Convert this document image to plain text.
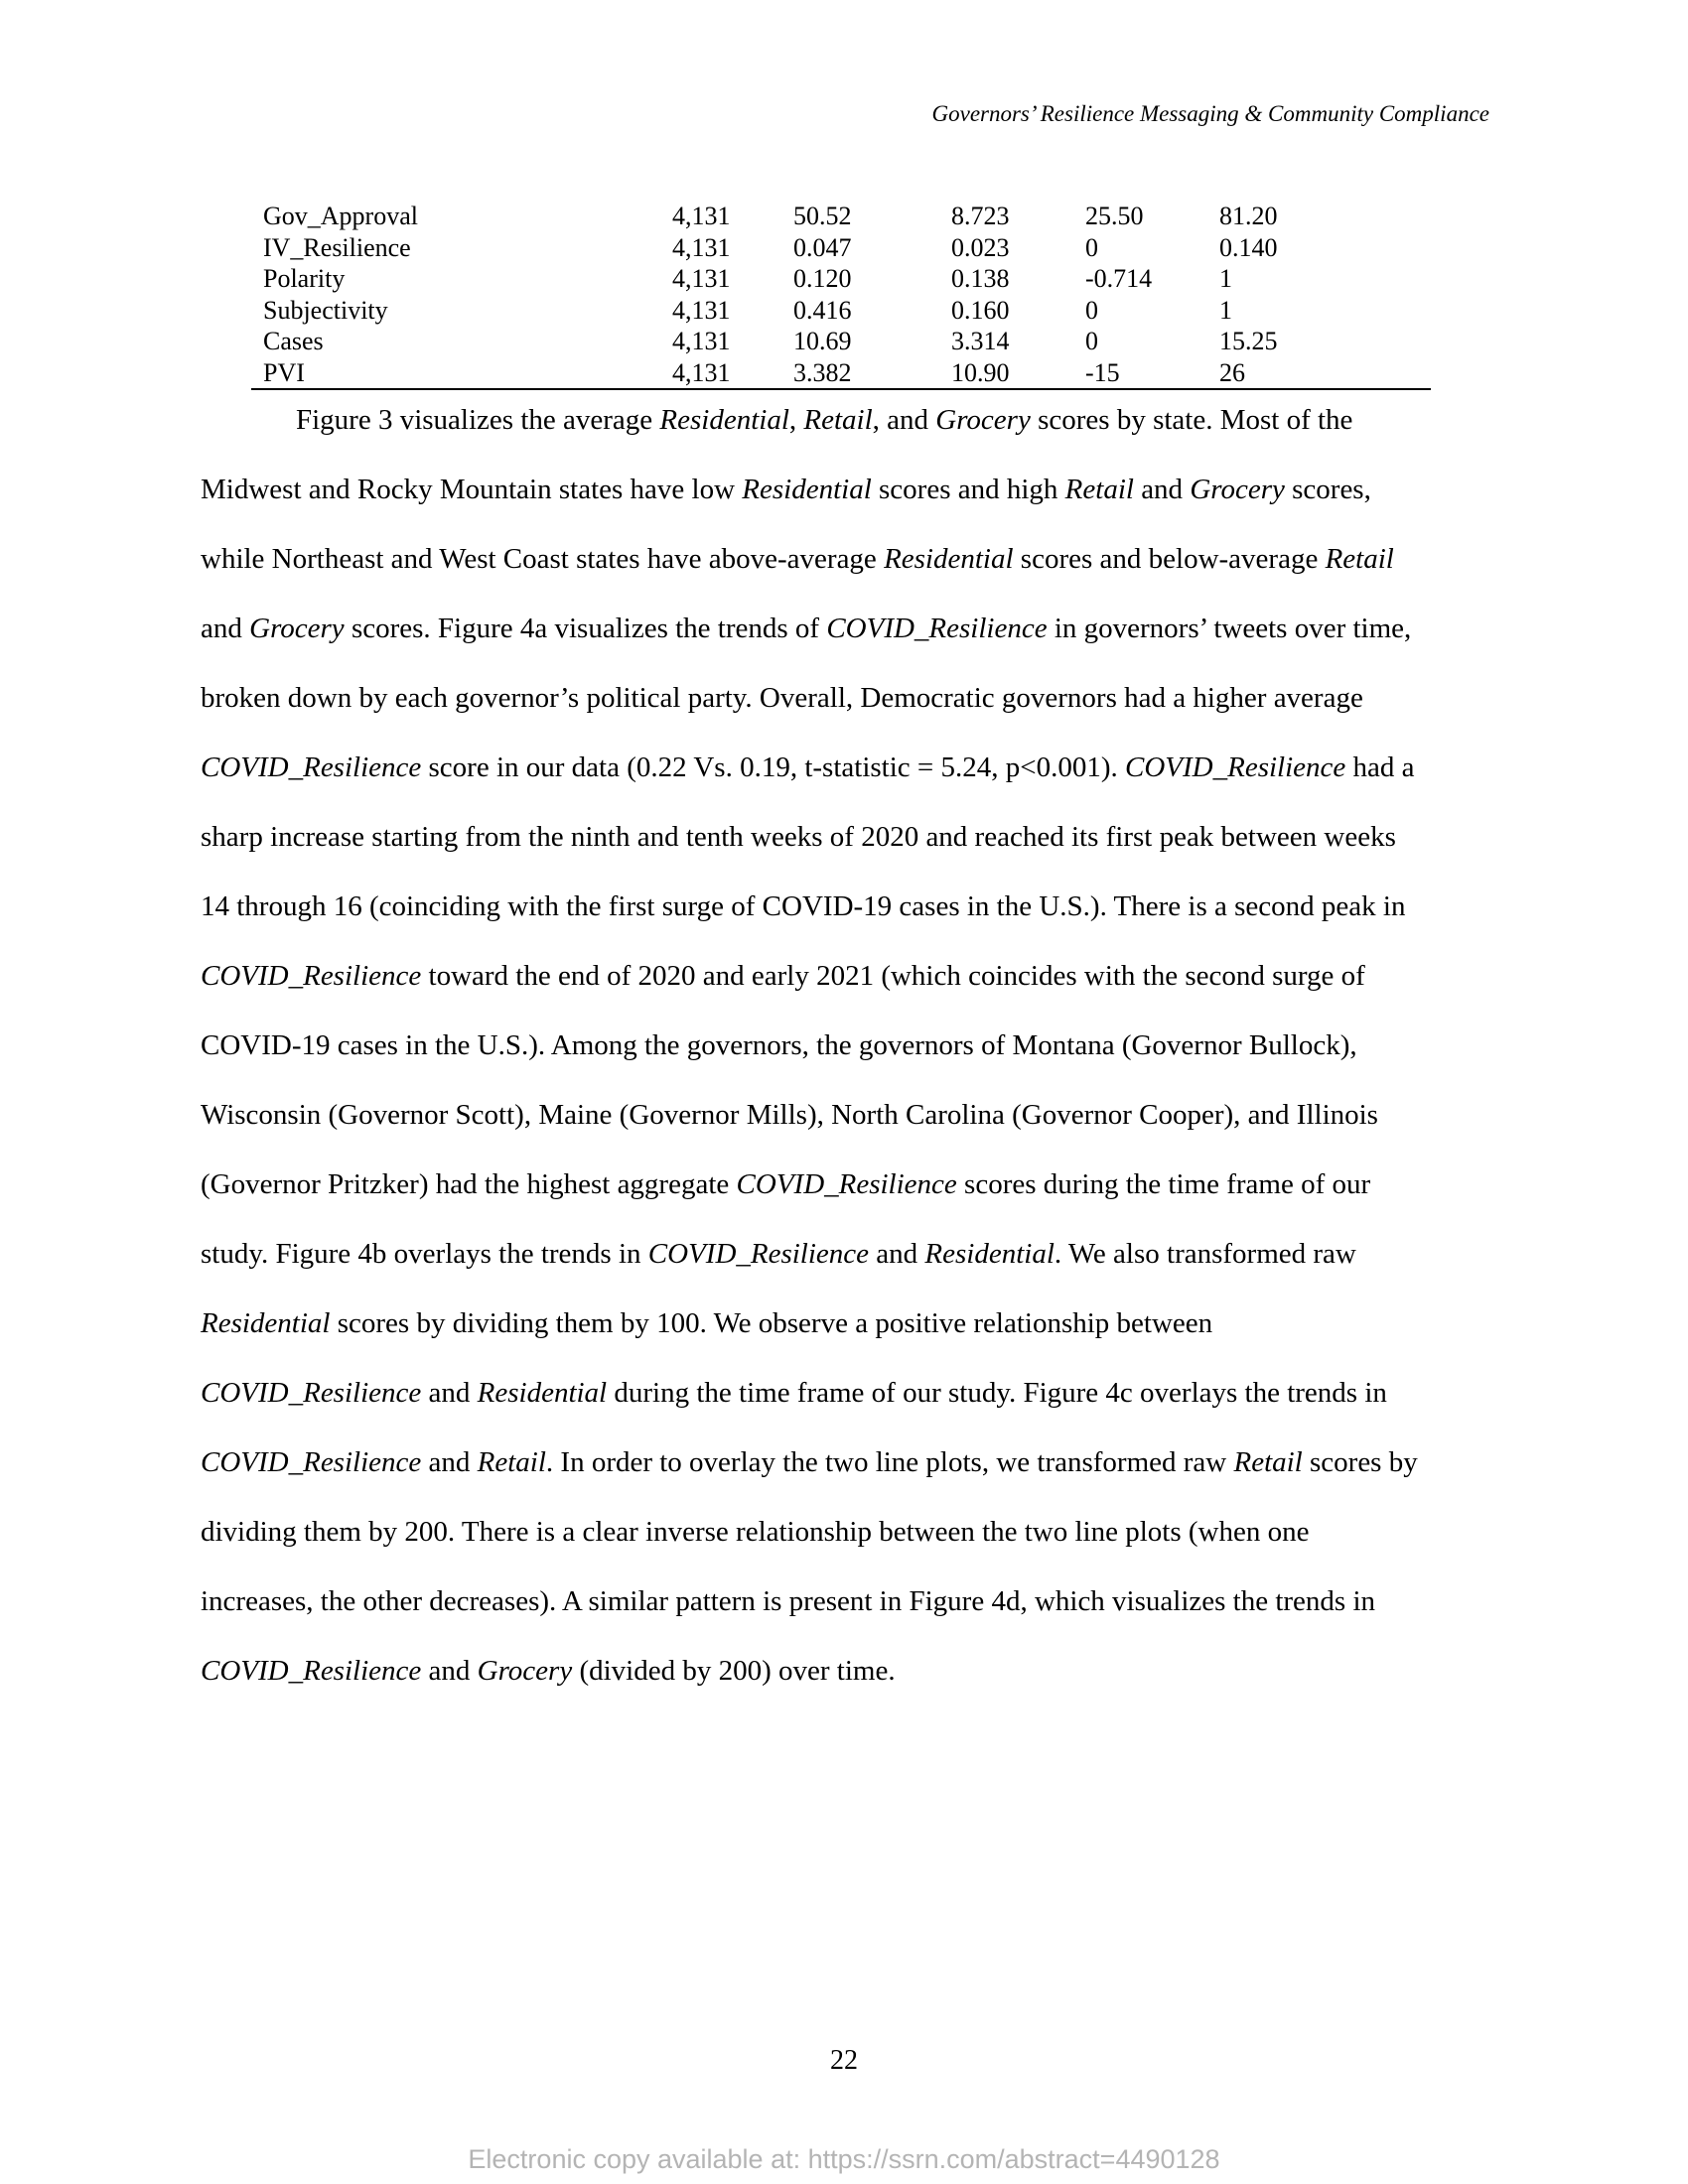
Governors’ Resilience Messaging & Community Compliance
Gov_Approval	4,131	50.52	8.723	25.50	81.20
IV_Resilience	4,131	0.047	0.023	0	0.140
Polarity	4,131	0.120	0.138	-0.714	1
Subjectivity	4,131	0.416	0.160	0	1
Cases	4,131	10.69	3.314	0	15.25
PVI	4,131	3.382	10.90	-15	26
Figure 3 visualizes the average Residential, Retail, and Grocery scores by state. Most of the
Midwest and Rocky Mountain states have low Residential scores and high Retail and Grocery scores,
while Northeast and West Coast states have above-average Residential scores and below-average Retail
and Grocery scores. Figure 4a visualizes the trends of COVID_Resilience in governors’ tweets over time,
broken down by each governor’s political party. Overall, Democratic governors had a higher average
COVID_Resilience score in our data (0.22 Vs. 0.19, t-statistic = 5.24, p<0.001). COVID_Resilience had a
sharp increase starting from the ninth and tenth weeks of 2020 and reached its first peak between weeks
14 through 16 (coinciding with the first surge of COVID-19 cases in the U.S.). There is a second peak in
COVID_Resilience toward the end of 2020 and early 2021 (which coincides with the second surge of
COVID-19 cases in the U.S.). Among the governors, the governors of Montana (Governor Bullock),
Wisconsin (Governor Scott), Maine (Governor Mills), North Carolina (Governor Cooper), and Illinois
(Governor Pritzker) had the highest aggregate COVID_Resilience scores during the time frame of our
study. Figure 4b overlays the trends in COVID_Resilience and Residential. We also transformed raw
Residential scores by dividing them by 100. We observe a positive relationship between
COVID_Resilience and Residential during the time frame of our study. Figure 4c overlays the trends in
COVID_Resilience and Retail. In order to overlay the two line plots, we transformed raw Retail scores by
dividing them by 200. There is a clear inverse relationship between the two line plots (when one
increases, the other decreases). A similar pattern is present in Figure 4d, which visualizes the trends in
COVID_Resilience and Grocery (divided by 200) over time.
22
Electronic copy available at: https://ssrn.com/abstract=4490128
